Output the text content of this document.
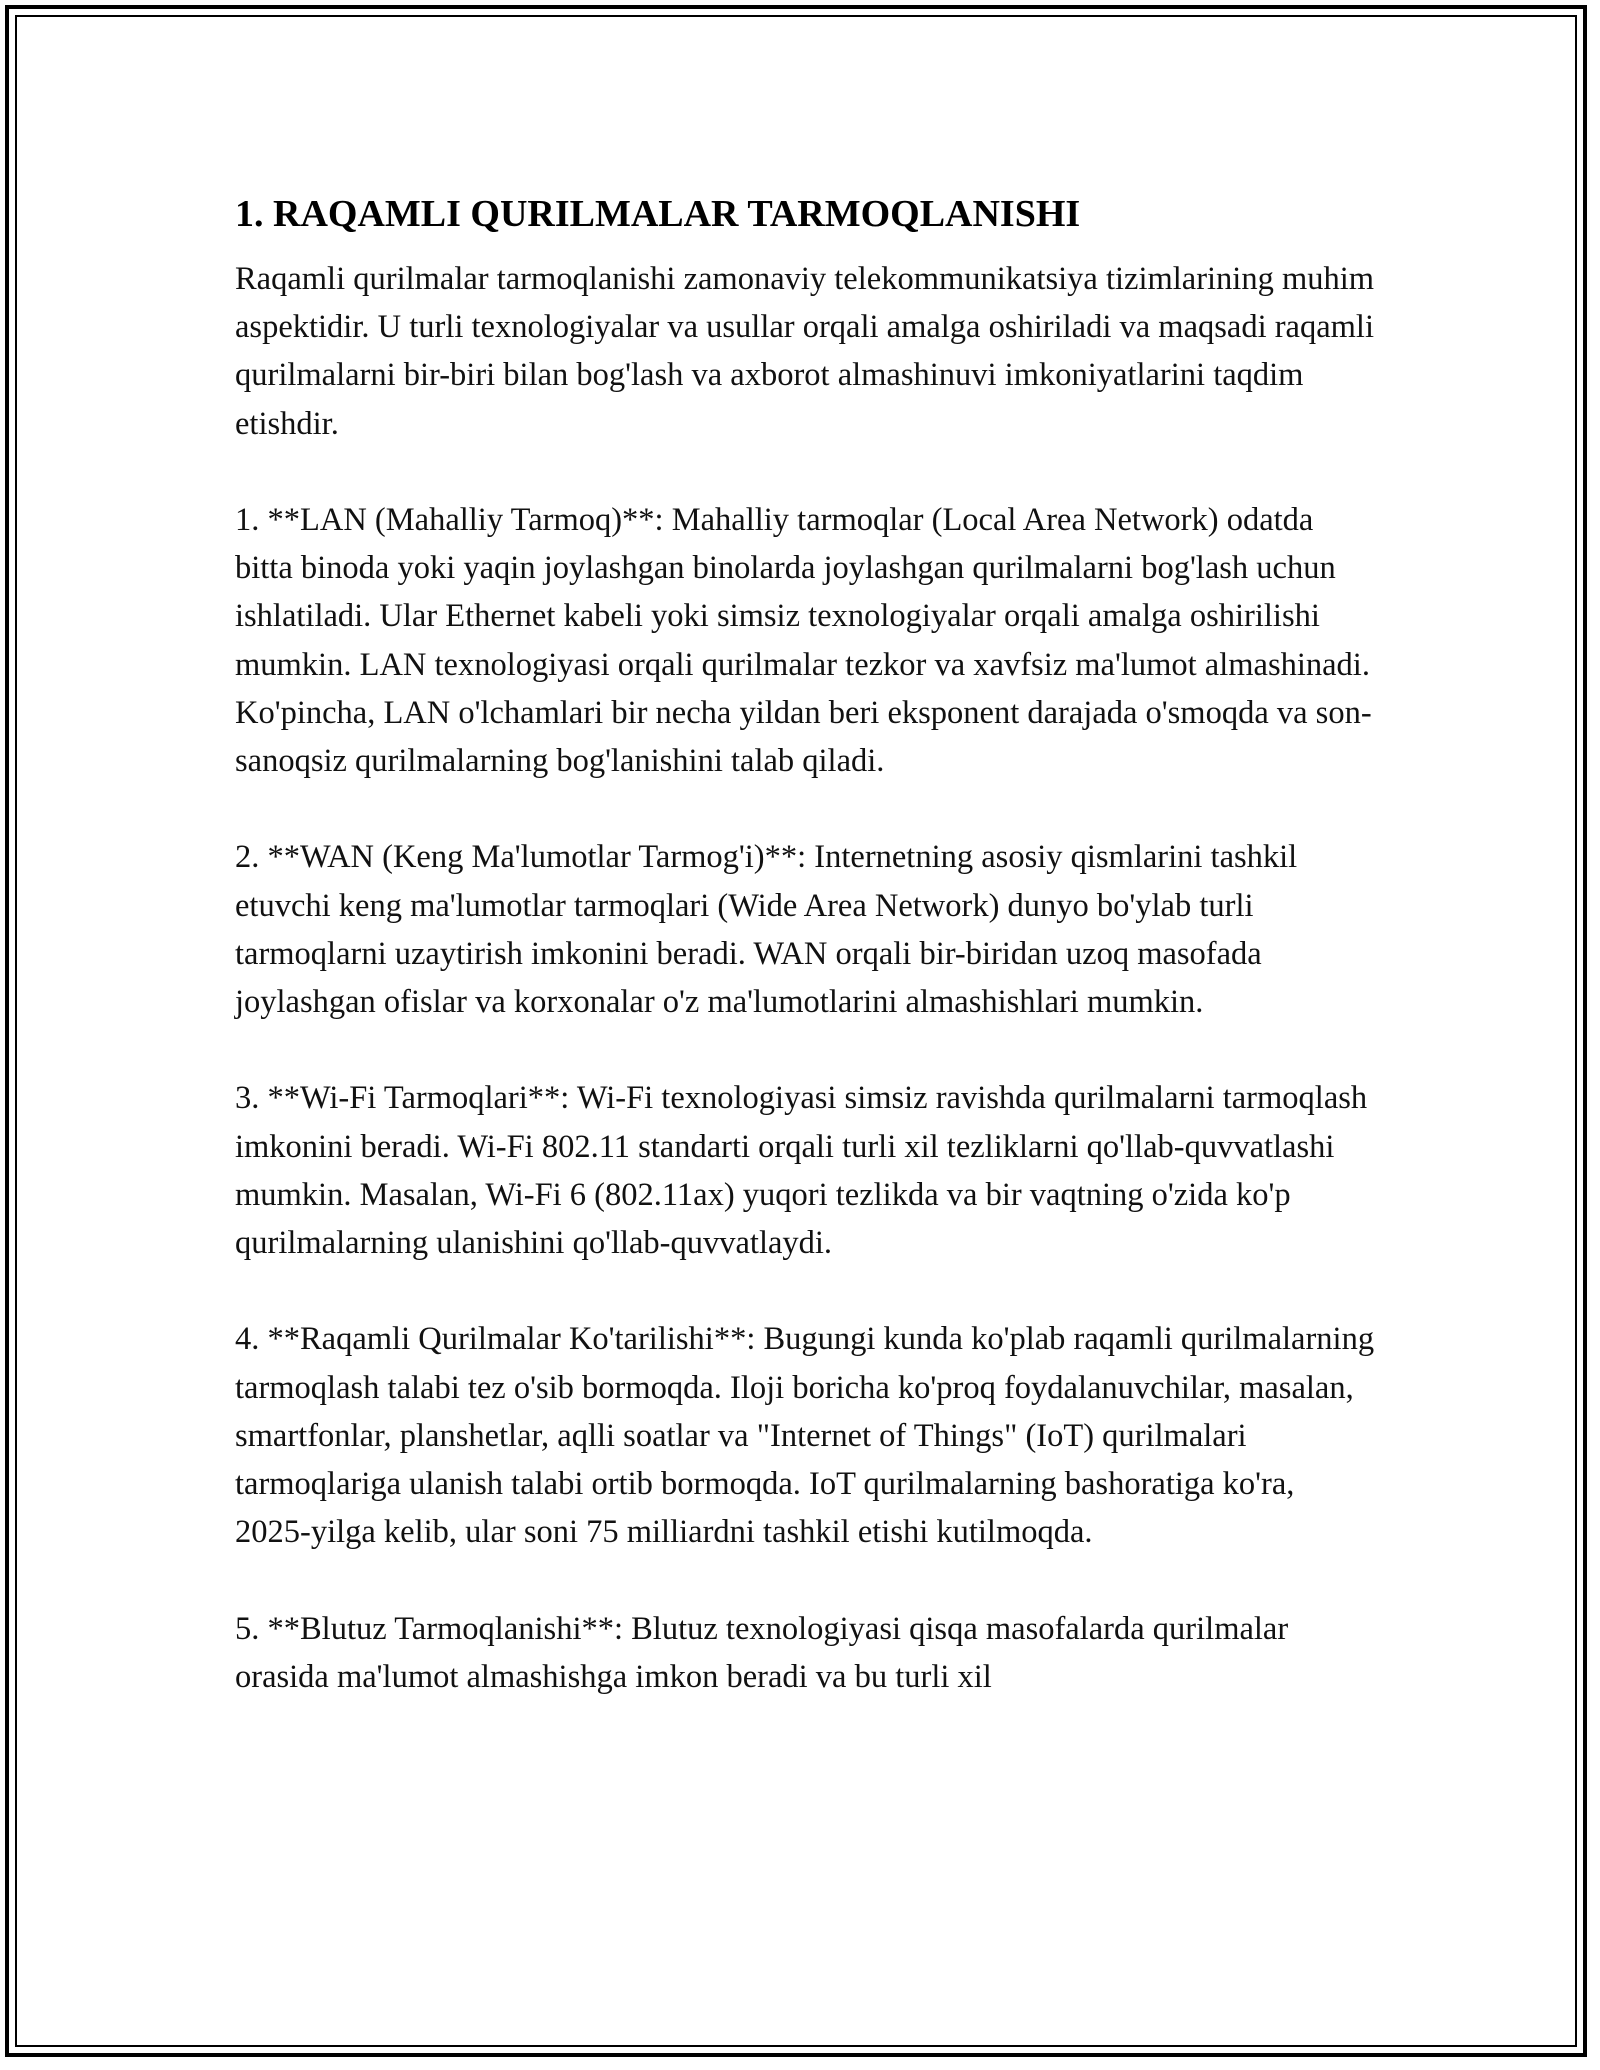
1. RAQAMLI QURILMALAR TARMOQLANISHI

Raqamli qurilmalar tarmoqlanishi zamonaviy telekommunikatsiya tizimlarining muhim aspektidir. U turli texnologiyalar va usullar orqali amalga oshiriladi va maqsadi raqamli qurilmalarni bir-biri bilan bog'lash va axborot almashinuvi imkoniyatlarini taqdim etishdir.

1. **LAN (Mahalliy Tarmoq)**: Mahalliy tarmoqlar (Local Area Network) odatda bitta binoda yoki yaqin joylashgan binolarda joylashgan qurilmalarni bog'lash uchun ishlatiladi. Ular Ethernet kabeli yoki simsiz texnologiyalar orqali amalga oshirilishi mumkin. LAN texnologiyasi orqali qurilmalar tezkor va xavfsiz ma'lumot almashinadi. Ko'pincha, LAN o'lchamlari bir necha yildan beri eksponent darajada o'smoqda va son-sanoqsiz qurilmalarning bog'lanishini talab qiladi.

2. **WAN (Keng Ma'lumotlar Tarmog'i)**: Internetning asosiy qismlarini tashkil etuvchi keng ma'lumotlar tarmoqlari (Wide Area Network) dunyo bo'ylab turli tarmoqlarni uzaytirish imkonini beradi. WAN orqali bir-biridan uzoq masofada joylashgan ofislar va korxonalar o'z ma'lumotlarini almashishlari mumkin.

3. **Wi-Fi Tarmoqlari**: Wi-Fi texnologiyasi simsiz ravishda qurilmalarni tarmoqlash imkonini beradi. Wi-Fi 802.11 standarti orqali turli xil tezliklarni qo'llab-quvvatlashi mumkin. Masalan, Wi-Fi 6 (802.11ax) yuqori tezlikda va bir vaqtning o'zida ko'p qurilmalarning ulanishini qo'llab-quvvatlaydi.

4. **Raqamli Qurilmalar Ko'tarilishi**: Bugungi kunda ko'plab raqamli qurilmalarning tarmoqlash talabi tez o'sib bormoqda. Iloji boricha ko'proq foydalanuvchilar, masalan, smartfonlar, planshetlar, aqlli soatlar va "Internet of Things" (IoT) qurilmalari tarmoqlariga ulanish talabi ortib bormoqda. IoT qurilmalarning bashoratiga ko'ra, 2025-yilga kelib, ular soni 75 milliardni tashkil etishi kutilmoqda.

5. **Blutuz Tarmoqlanishi**: Blutuz texnologiyasi qisqa masofalarda qurilmalar orasida ma'lumot almashishga imkon beradi va bu turli xil
